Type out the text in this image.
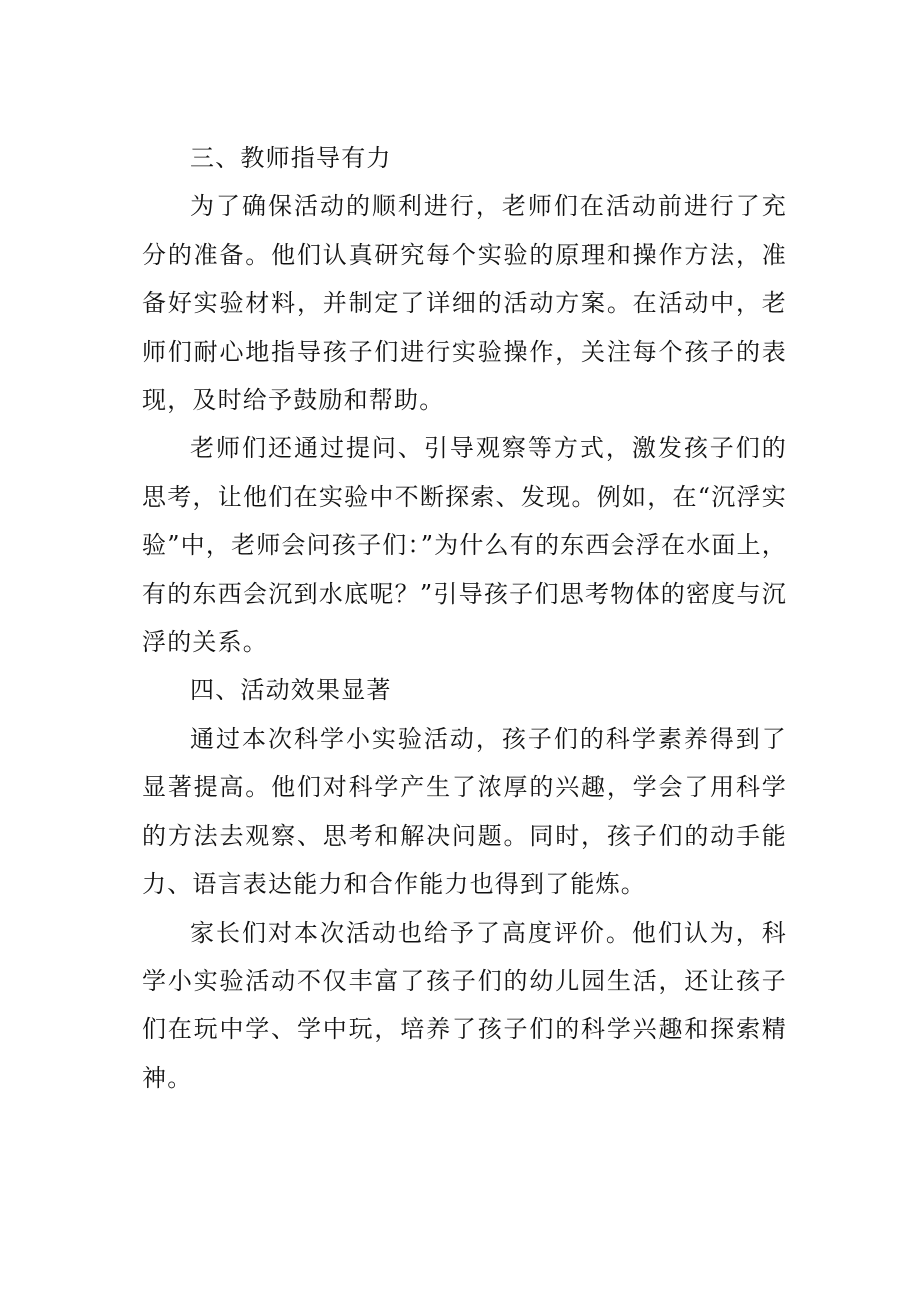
三、教师指导有力

为了确保活动的顺利进行，老师们在活动前进行了充分的准备。他们认真研究每个实验的原理和操作方法，准备好实验材料，并制定了详细的活动方案。在活动中，老师们耐心地指导孩子们进行实验操作，关注每个孩子的表现，及时给予鼓励和帮助。

老师们还通过提问、引导观察等方式，激发孩子们的思考，让他们在实验中不断探索、发现。例如，在“沉浮实验”中，老师会问孩子们：”为什么有的东西会浮在水面上，有的东西会沉到水底呢？”引导孩子们思考物体的密度与沉浮的关系。

四、活动效果显著

通过本次科学小实验活动，孩子们的科学素养得到了显著提高。他们对科学产生了浓厚的兴趣，学会了用科学的方法去观察、思考和解决问题。同时，孩子们的动手能力、语言表达能力和合作能力也得到了能炼。

家长们对本次活动也给予了高度评价。他们认为，科学小实验活动不仅丰富了孩子们的幼儿园生活，还让孩子们在玩中学、学中玩，培养了孩子们的科学兴趣和探索精神。
